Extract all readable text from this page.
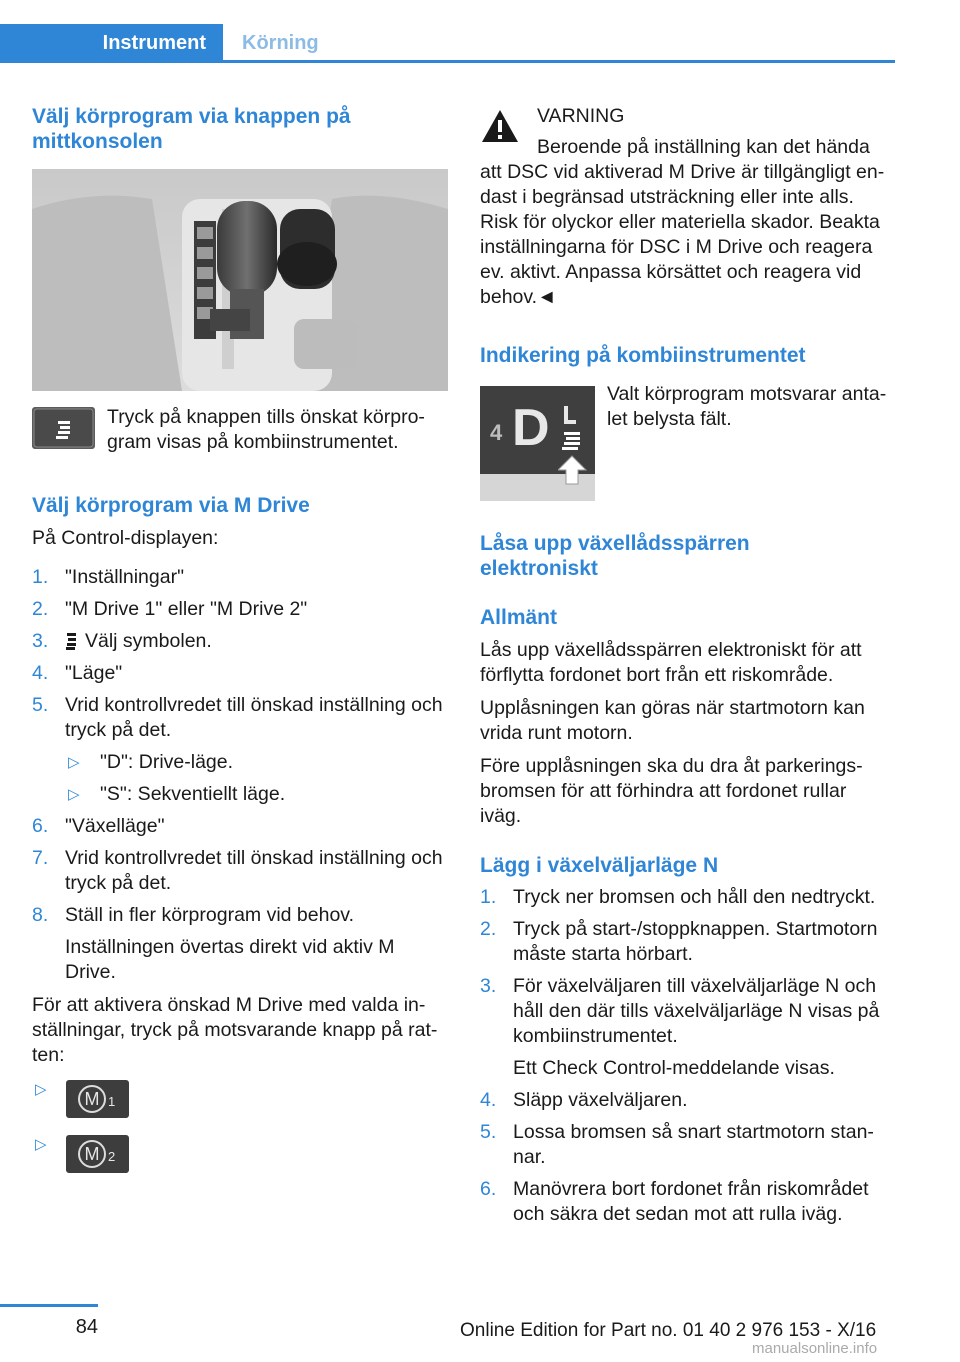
Instrument	Körning
Välj körprogram via knappen på mittkonsolen
Tryck på knappen tills önskat körpro‐ gram visas på kombiinstrumentet.
Välj körprogram via M Drive
På Control-displayen:
1. "Inställningar"
2. "M Drive 1" eller "M Drive 2"
3. Välj symbolen.
4. "Läge"
5. Vrid kontrollvredet till önskad inställning och tryck på det.
▷ "D": Drive-läge.
▷ "S": Sekventiellt läge.
6. "Växelläge"
7. Vrid kontrollvredet till önskad inställning och tryck på det.
8. Ställ in fler körprogram vid behov.
Inställningen övertas direkt vid aktiv M Drive.
För att aktivera önskad M Drive med valda in‐ ställningar, tryck på motsvarande knapp på rat‐ ten:
▷	M 1
▷	M 2
VARNING
Beroende på inställning kan det hända att DSC vid aktiverad M Drive är tillgängligt en‐ dast i begränsad utsträckning eller inte alls. Risk för olyckor eller materiella skador. Beakta inställningarna för DSC i M Drive och reagera ev. aktivt. Anpassa körsättet och reagera vid behov.◄
Indikering på kombiinstrumentet
4 D
Valt körprogram motsvarar anta‐ let belysta fält.
Låsa upp växellådsspärren elektroniskt
Allmänt
Lås upp växellådsspärren elektroniskt för att förflytta fordonet bort från ett riskområde.
Upplåsningen kan göras när startmotorn kan vrida runt motorn.
Före upplåsningen ska du dra åt parkerings‐ bromsen för att förhindra att fordonet rullar iväg.
Lägg i växelväljarläge N
1. Tryck ner bromsen och håll den nedtryckt.
2. Tryck på start-/stoppknappen. Startmotorn måste starta hörbart.
3. För växelväljaren till växelväljarläge N och håll den där tills växelväljarläge N visas på kombiinstrumentet.
Ett Check Control-meddelande visas.
4. Släpp växelväljaren.
5. Lossa bromsen så snart startmotorn stan‐ nar.
6. Manövrera bort fordonet från riskområdet och säkra det sedan mot att rulla iväg.
84	Online Edition for Part no. 01 40 2 976 153 - X/16
manualsonline.info
